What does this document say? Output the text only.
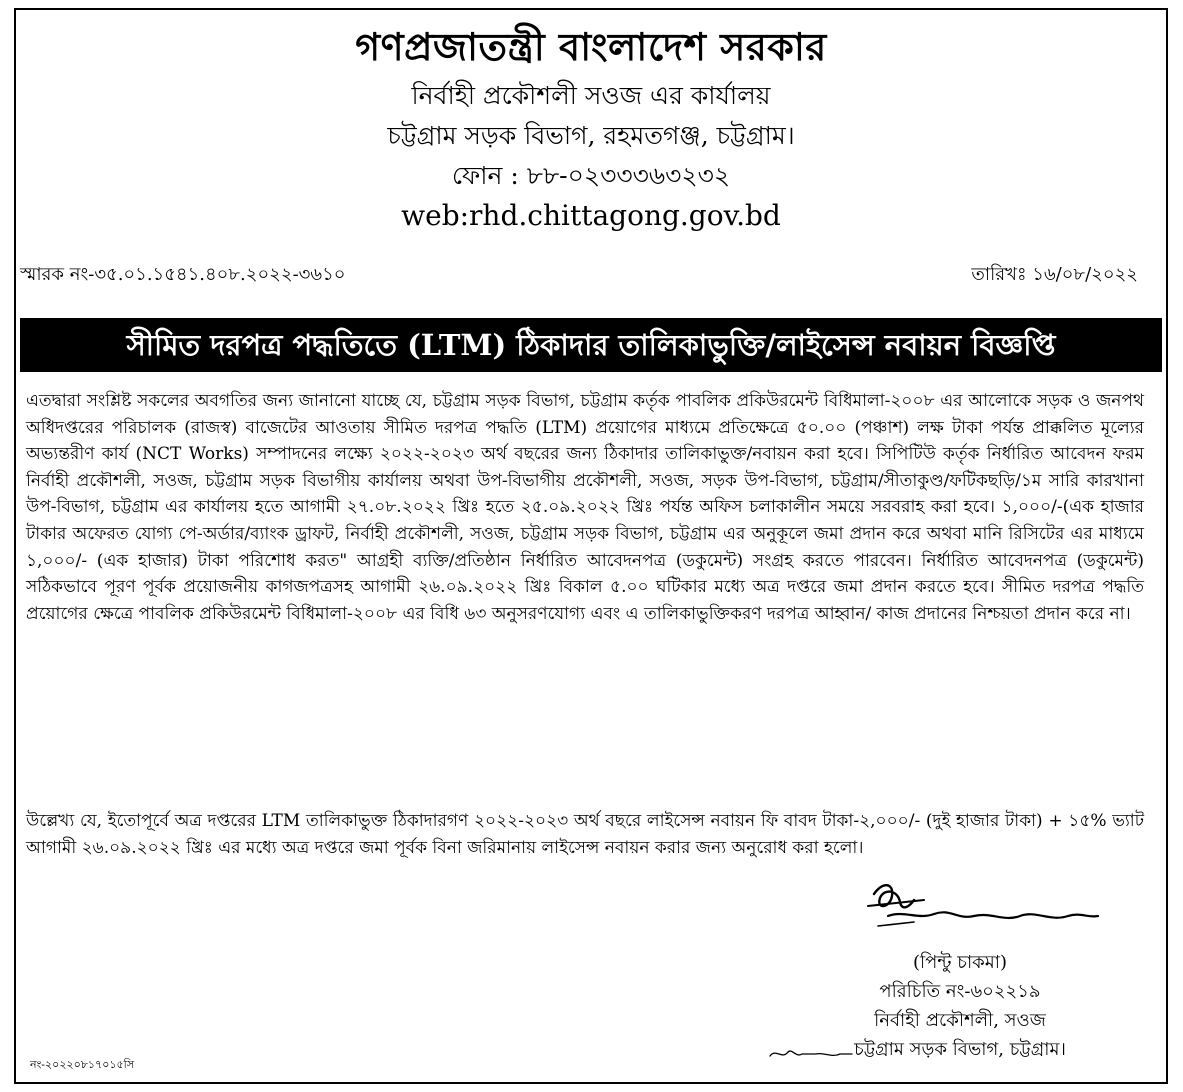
গণপ্রজাতন্ত্রী বাংলাদেশ সরকার
নির্বাহী প্রকৌশলী সওজ এর কার্যালয়
চট্টগ্রাম সড়ক বিভাগ, রহমতগঞ্জ, চট্টগ্রাম।
ফোন : ৮৮-০২৩৩৩৬৩২৩২
web:rhd.chittagong.gov.bd
স্মারক নং-৩৫.০১.১৫৪১.৪০৮.২০২২-৩৬১০	তারিখঃ ১৬/০৮/২০২২
সীমিত দরপত্র পদ্ধতিতে (LTM) ঠিকাদার তালিকাভুক্তি/লাইসেন্স নবায়ন বিজ্ঞপ্তি
এতদ্বারা সংশ্লিষ্ট সকলের অবগতির জন্য জানানো যাচ্ছে যে, চট্টগ্রাম সড়ক বিভাগ, চট্টগ্রাম কর্তৃক পাবলিক প্রকিউরমেন্ট বিধিমালা-২০০৮ এর আলোকে সড়ক ও জনপথ অধিদপ্তরের পরিচালক (রাজস্ব) বাজেটের আওতায় সীমিত দরপত্র পদ্ধতি (LTM) প্রয়োগের মাধ্যমে প্রতিক্ষেত্রে ৫০.০০ (পঞ্চাশ) লক্ষ টাকা পর্যন্ত প্রাক্কলিত মূল্যের অভ্যন্তরীণ কার্য (NCT Works) সম্পাদনের লক্ষ্যে ২০২২-২০২৩ অর্থ বছরের জন্য ঠিকাদার তালিকাভুক্ত/নবায়ন করা হবে। সিপিটিউ কর্তৃক নির্ধারিত আবেদন ফরম নির্বাহী প্রকৌশলী, সওজ, চট্টগ্রাম সড়ক বিভাগীয় কার্যালয় অথবা উপ-বিভাগীয় প্রকৌশলী, সওজ, সড়ক উপ-বিভাগ, চট্টগ্রাম/সীতাকুণ্ড/ফটিকছড়ি/১ম সারি কারখানা উপ-বিভাগ, চট্টগ্রাম এর কার্যালয় হতে আগামী ২৭.০৮.২০২২ খ্রিঃ হতে ২৫.০৯.২০২২ খ্রিঃ পর্যন্ত অফিস চলাকালীন সময়ে সরবরাহ করা হবে। ১,০০০/-(এক হাজার টাকার অফেরত যোগ্য পে-অর্ডার/ব্যাংক ড্রাফট, নির্বাহী প্রকৌশলী, সওজ, চট্টগ্রাম সড়ক বিভাগ, চট্টগ্রাম এর অনুকূলে জমা প্রদান করে অথবা মানি রিসিটের এর মাধ্যমে ১,০০০/- (এক হাজার) টাকা পরিশোধ করত" আগ্রহী ব্যক্তি/প্রতিষ্ঠান নির্ধারিত আবেদনপত্র (ডকুমেন্ট) সংগ্রহ করতে পারবেন। নির্ধারিত আবেদনপত্র (ডকুমেন্ট) সঠিকভাবে পূরণ পূর্বক প্রয়োজনীয় কাগজপত্রসহ আগামী ২৬.০৯.২০২২ খ্রিঃ বিকাল ৫.০০ ঘটিকার মধ্যে অত্র দপ্তরে জমা প্রদান করতে হবে। সীমিত দরপত্র পদ্ধতি প্রয়োগের ক্ষেত্রে পাবলিক প্রকিউরমেন্ট বিধিমালা-২০০৮ এর বিধি ৬৩ অনুসরণযোগ্য এবং এ তালিকাভুক্তিকরণ দরপত্র আহ্বান/ কাজ প্রদানের নিশ্চয়তা প্রদান করে না।
উল্লেখ্য যে, ইতোপূর্বে অত্র দপ্তরের LTM তালিকাভুক্ত ঠিকাদারগণ ২০২২-২০২৩ অর্থ বছরে লাইসেন্স নবায়ন ফি বাবদ টাকা-২,০০০/- (দুই হাজার টাকা) + ১৫% ভ্যাট আগামী ২৬.০৯.২০২২ খ্রিঃ এর মধ্যে অত্র দপ্তরে জমা পূর্বক বিনা জরিমানায় লাইসেন্স নবায়ন করার জন্য অনুরোধ করা হলো।
(পিন্টু চাকমা)
পরিচিতি নং-৬০২২১৯
নির্বাহী প্রকৌশলী, সওজ
চট্টগ্রাম সড়ক বিভাগ, চট্টগ্রাম।
নং-২০২২০৮১৭০১৫সি
